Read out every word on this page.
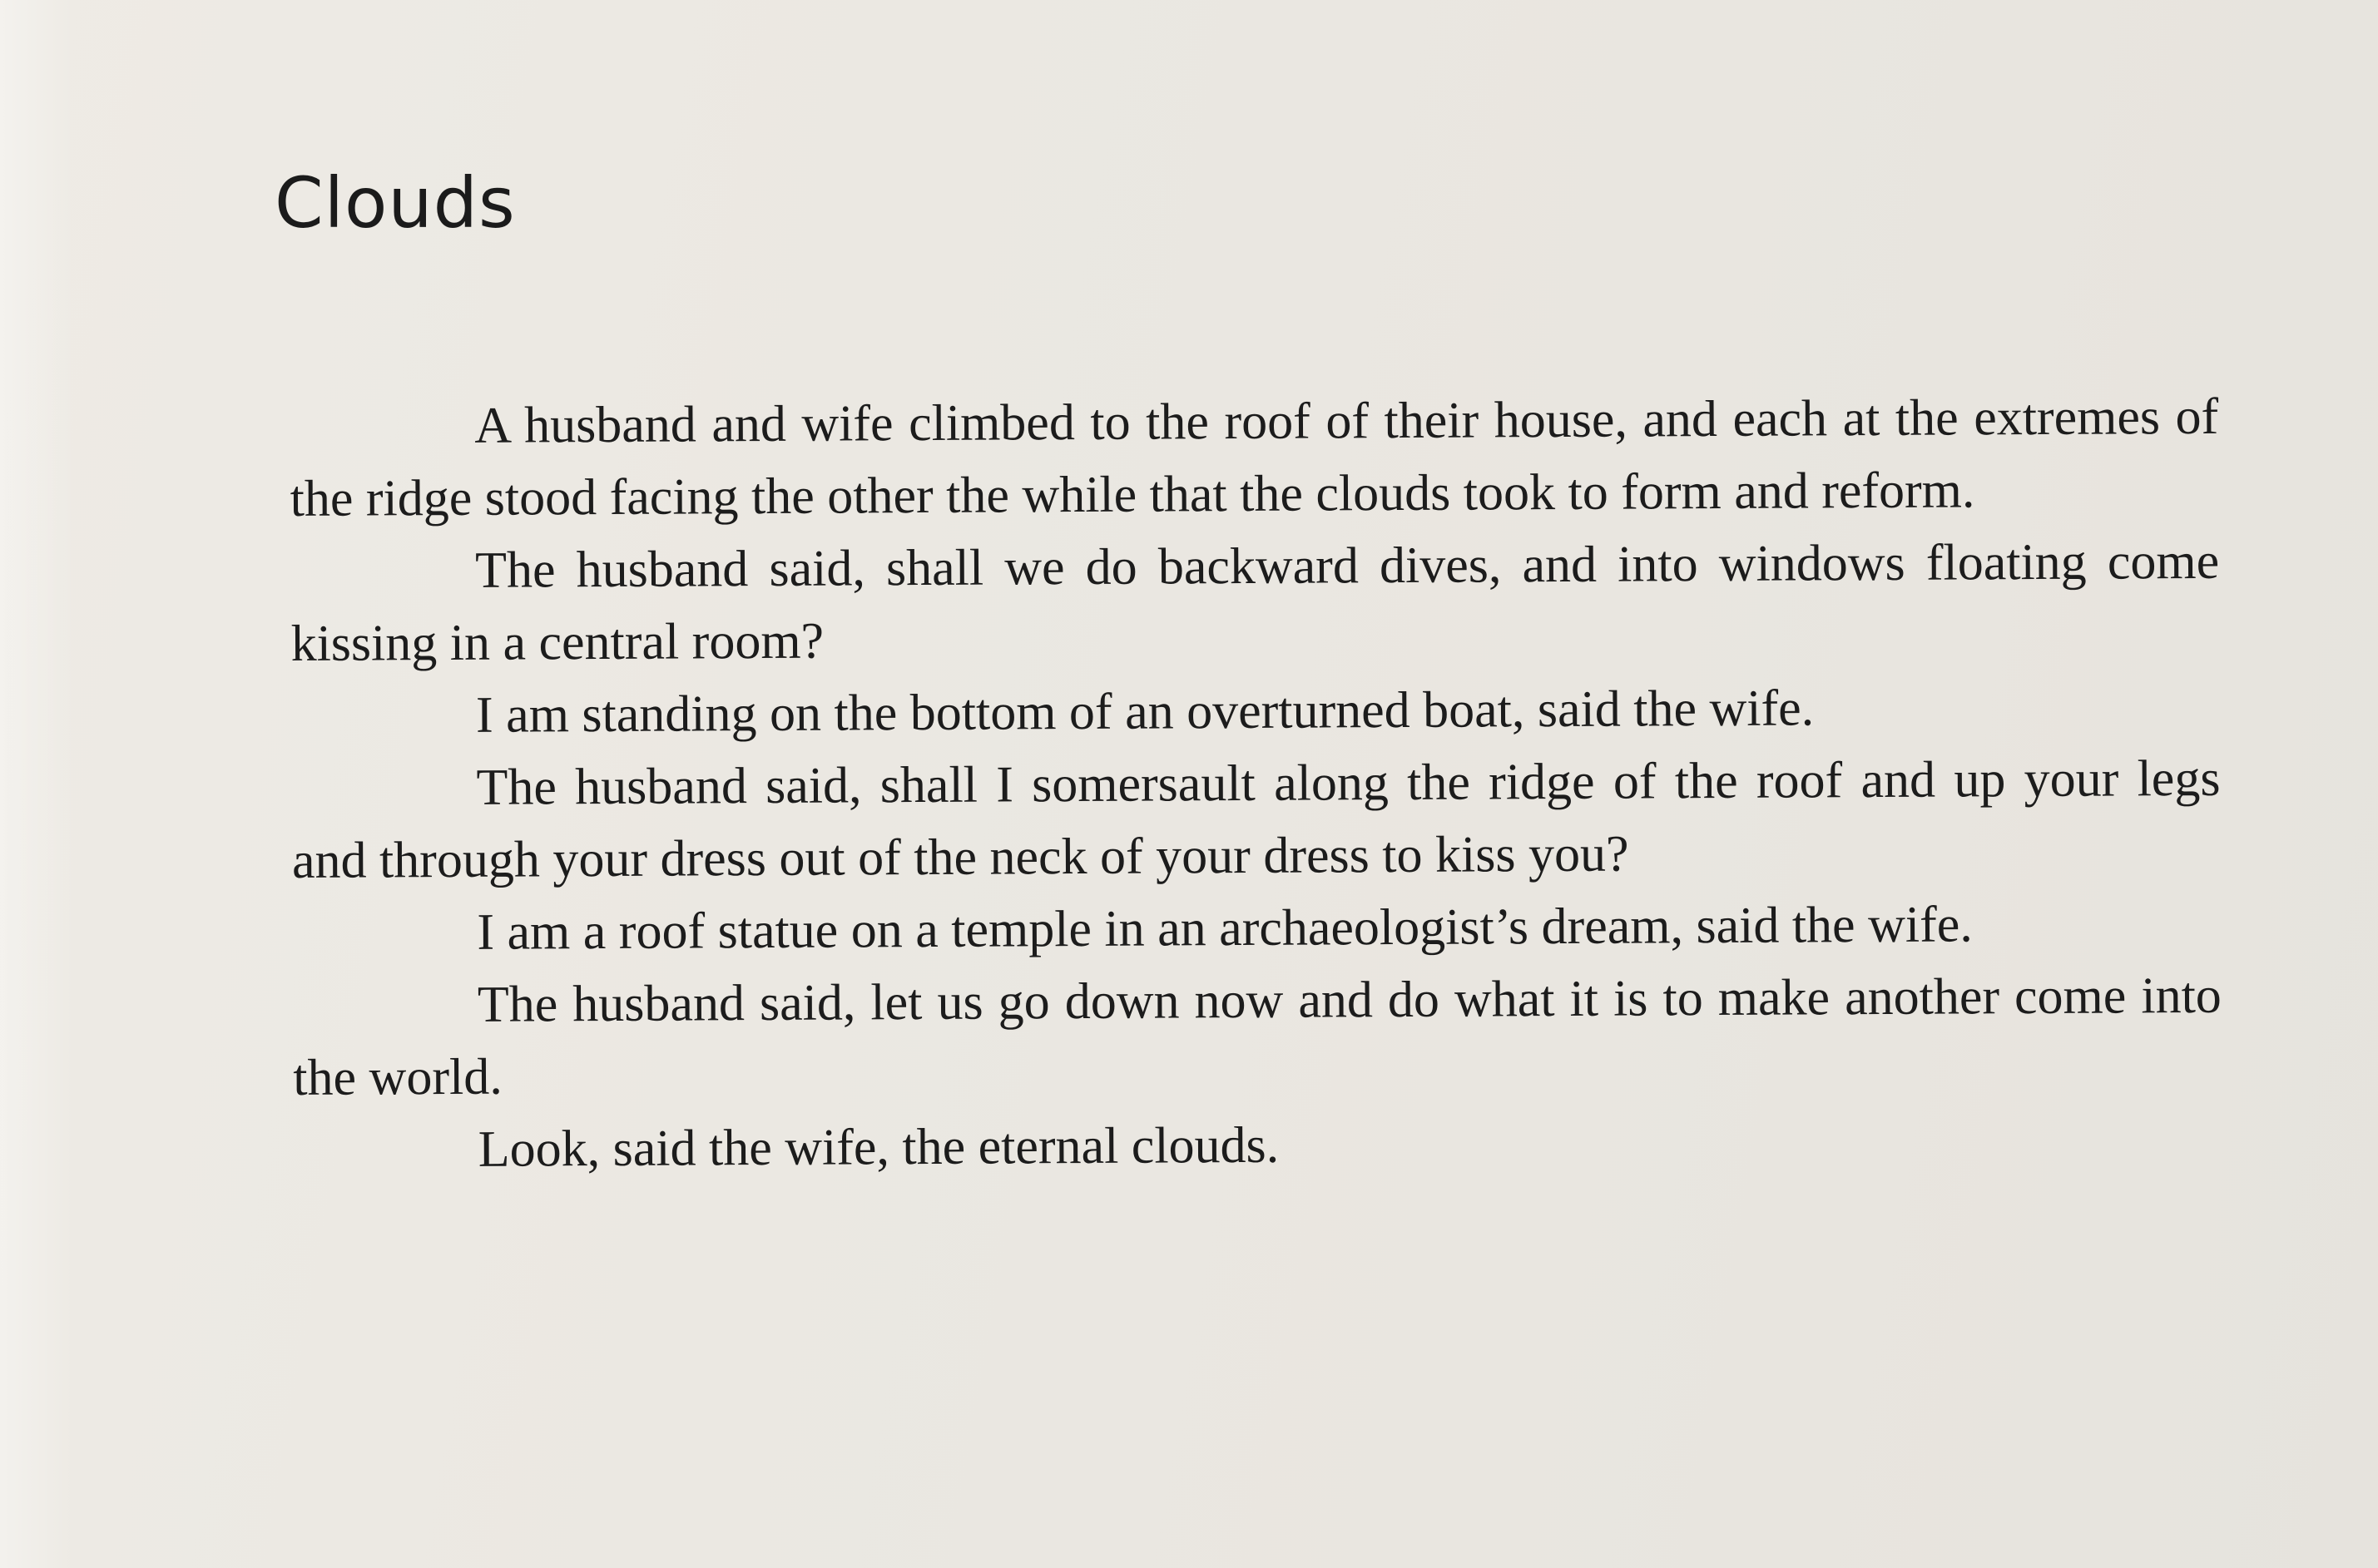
Clouds

A husband and wife climbed to the roof of their house, and each at the extremes of the ridge stood facing the other the while that the clouds took to form and reform.

The husband said, shall we do backward dives, and into windows floating come kissing in a central room?

I am standing on the bottom of an overturned boat, said the wife.

The husband said, shall I somersault along the ridge of the roof and up your legs and through your dress out of the neck of your dress to kiss you?

I am a roof statue on a temple in an archaeologist’s dream, said the wife.

The husband said, let us go down now and do what it is to make another come into the world.

Look, said the wife, the eternal clouds.
